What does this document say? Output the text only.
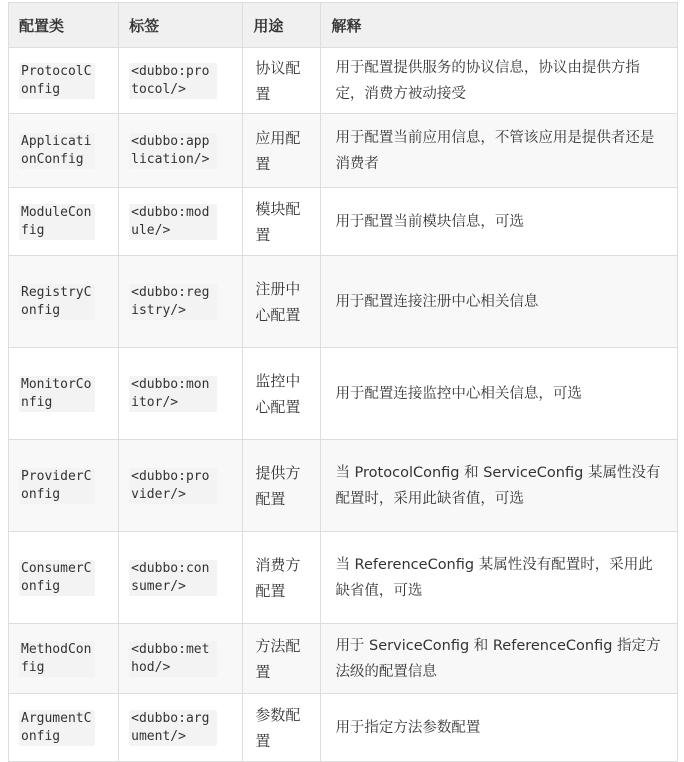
配置类	标签	用途	解释
ProtocolConfig	<dubbo:protocol/>	协议配置	用于配置提供服务的协议信息，协议由提供方指定，消费方被动接受
ApplicationConfig	<dubbo:application/>	应用配置	用于配置当前应用信息，不管该应用是提供者还是消费者
ModuleConfig	<dubbo:module/>	模块配置	用于配置当前模块信息，可选
RegistryConfig	<dubbo:registry/>	注册中心配置	用于配置连接注册中心相关信息
MonitorConfig	<dubbo:monitor/>	监控中心配置	用于配置连接监控中心相关信息，可选
ProviderConfig	<dubbo:provider/>	提供方配置	当 ProtocolConfig 和 ServiceConfig 某属性没有配置时，采用此缺省值，可选
ConsumerConfig	<dubbo:consumer/>	消费方配置	当 ReferenceConfig 某属性没有配置时，采用此缺省值，可选
MethodConfig	<dubbo:method/>	方法配置	用于 ServiceConfig 和 ReferenceConfig 指定方法级的配置信息
ArgumentConfig	<dubbo:argument/>	参数配置	用于指定方法参数配置
